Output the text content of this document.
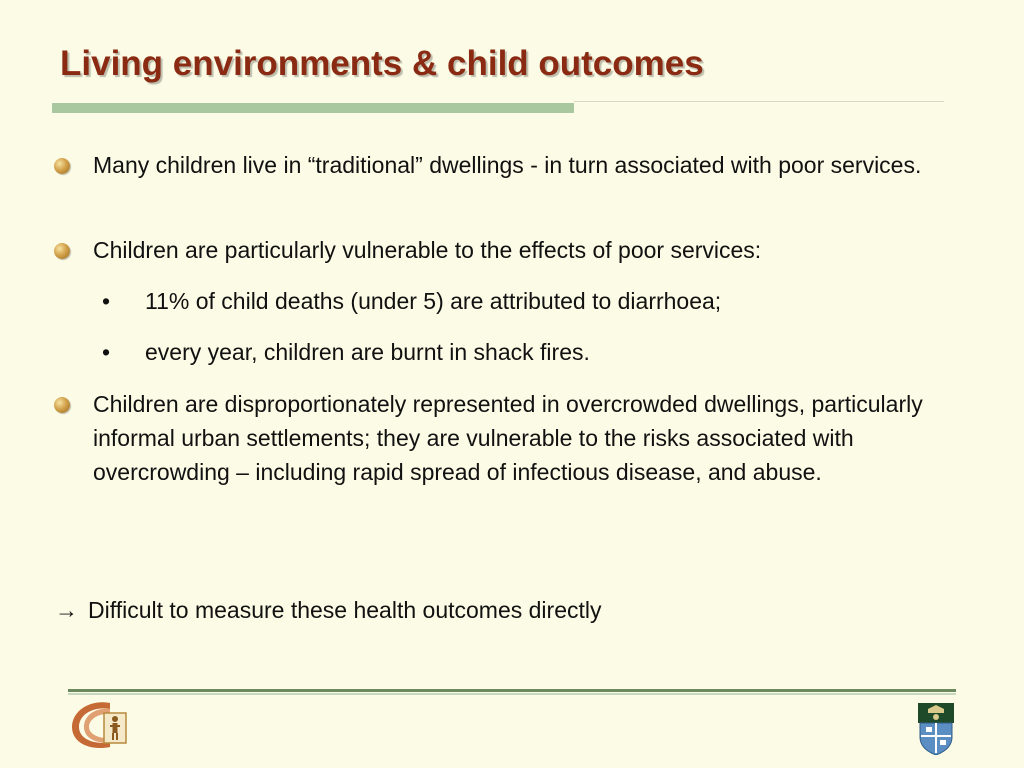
Living environments & child outcomes
Many children live in “traditional” dwellings - in turn associated with poor services.
Children are particularly vulnerable to the effects of poor services:
• 11% of child deaths (under 5) are attributed to diarrhoea;
• every year, children are burnt in shack fires.
Children are disproportionately represented in overcrowded dwellings, particularly informal urban settlements; they are vulnerable to the risks associated with overcrowding – including rapid spread of infectious disease, and abuse.
→ Difficult to measure these health outcomes directly
